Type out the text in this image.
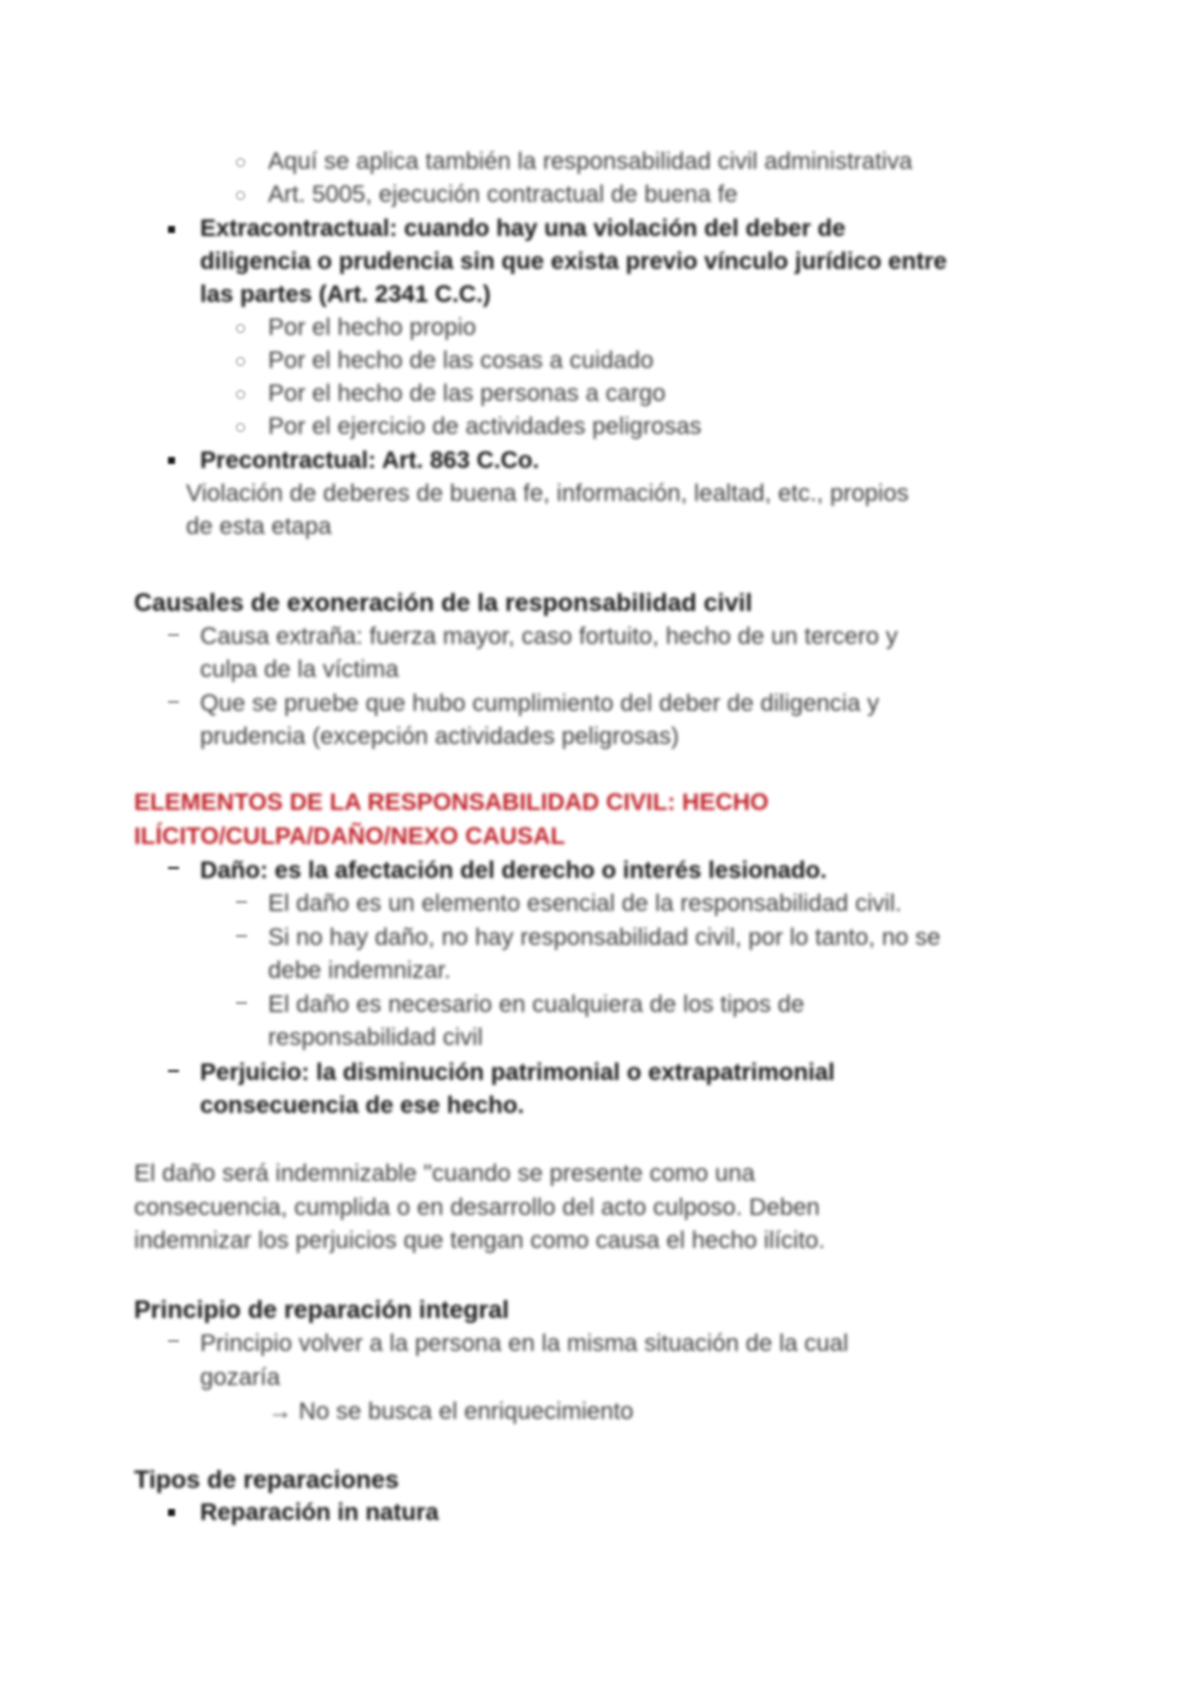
Aquí se aplica también la responsabilidad civil administrativa
Art. 5005, ejecución contractual de buena fe
Extracontractual: cuando hay una violación del deber de
diligencia o prudencia sin que exista previo vínculo jurídico entre
las partes (Art. 2341 C.C.)
Por el hecho propio
Por el hecho de las cosas a cuidado
Por el hecho de las personas a cargo
Por el ejercicio de actividades peligrosas
Precontractual: Art. 863 C.Co.
Violación de deberes de buena fe, información, lealtad, etc., propios
de esta etapa
Causales de exoneración de la responsabilidad civil
Causa extraña: fuerza mayor, caso fortuito, hecho de un tercero y
culpa de la víctima
Que se pruebe que hubo cumplimiento del deber de diligencia y
prudencia (excepción actividades peligrosas)
ELEMENTOS DE LA RESPONSABILIDAD CIVIL: HECHO
ILÍCITO/CULPA/DAÑO/NEXO CAUSAL
Daño: es la afectación del derecho o interés lesionado.
El daño es un elemento esencial de la responsabilidad civil.
Si no hay daño, no hay responsabilidad civil, por lo tanto, no se
debe indemnizar.
El daño es necesario en cualquiera de los tipos de
responsabilidad civil
Perjuicio: la disminución patrimonial o extrapatrimonial
consecuencia de ese hecho.
El daño será indemnizable "cuando se presente como una
consecuencia, cumplida o en desarrollo del acto culposo. Deben
indemnizar los perjuicios que tengan como causa el hecho ilícito.
Principio de reparación integral
Principio volver a la persona en la misma situación de la cual
gozaría
→ No se busca el enriquecimiento
Tipos de reparaciones
Reparación in natura
